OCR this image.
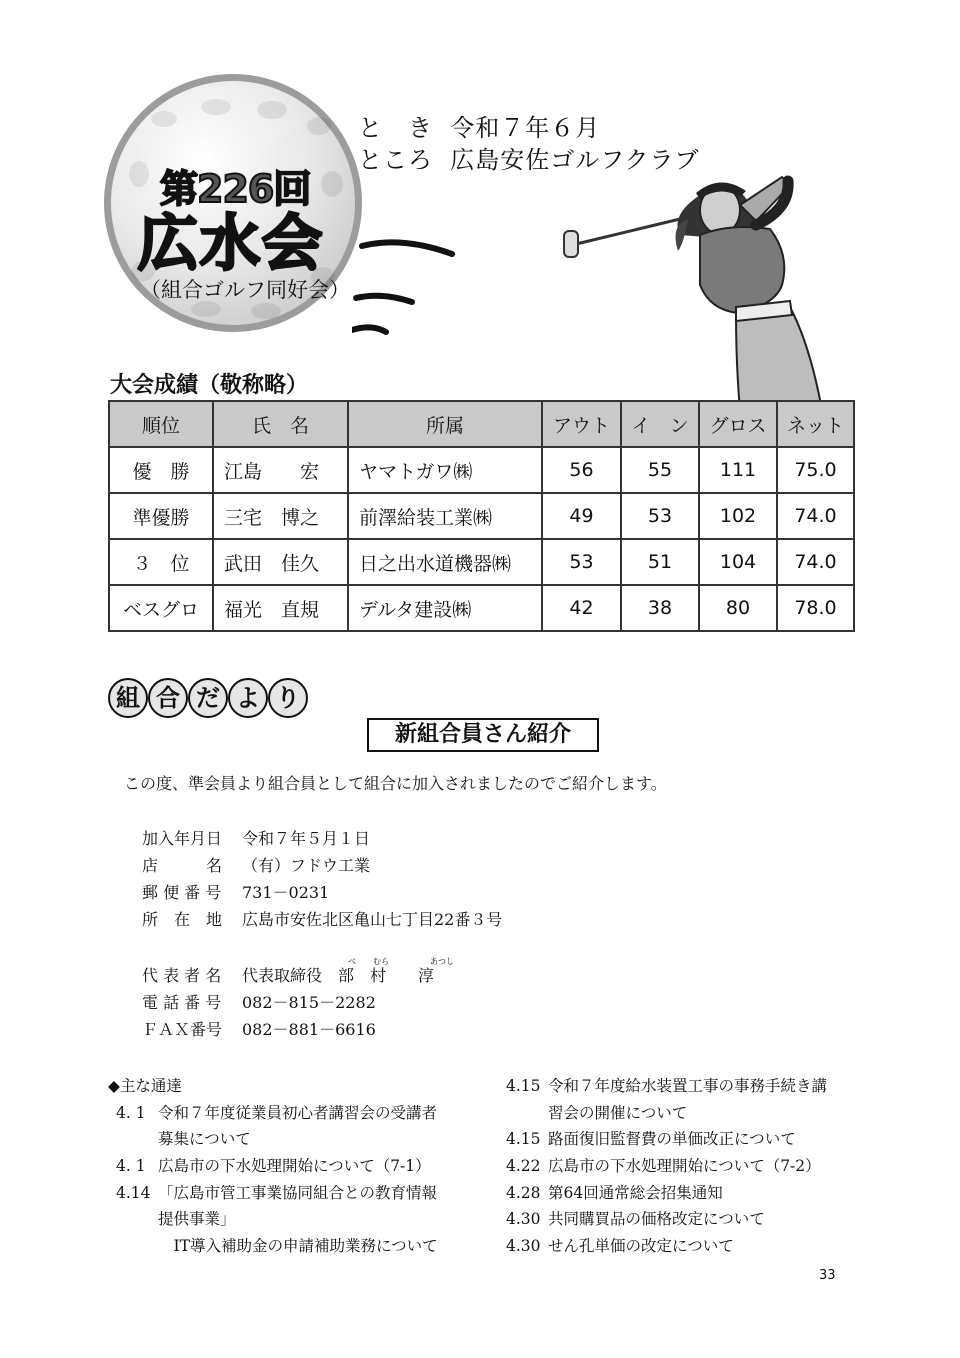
第226回
広水会
（組合ゴルフ同好会）
と　き 令和７年６月
ところ 広島安佐ゴルフクラブ
大会成績（敬称略）
順位	氏　名	所属	アウト	イ　ン	グロス	ネット
優　勝	江島　　宏	ヤマトガワ㈱	56	55	111	75.0
準優勝	三宅　博之	前澤給装工業㈱	49	53	102	74.0
３　位	武田　佳久	日之出水道機器㈱	53	51	104	74.0
ベスグロ	福光　直規	デルタ建設㈱	42	38	80	78.0
組 合 だ よ り
新組合員さん紹介
この度、準会員より組合員として組合に加入されましたのでご紹介します。
加入年月日 令和７年５月１日
店　　　名 （有）フドウ工業
郵 便 番 号 731－0231
所　在　地 広島市安佐北区亀山七丁目22番３号
べ むら	あつし
代 表 者 名 代表取締役　部　村　　淳
電 話 番 号 082－815－2282
ＦＡＸ番号 082－881－6616
◆主な通達
4. 1 令和７年度従業員初心者講習会の受講者
募集について
4. 1 広島市の下水処理開始について（7-1）
4.14 「広島市管工事業協同組合との教育情報
提供事業」
　IT導入補助金の申請補助業務について
4.15 令和７年度給水装置工事の事務手続き講
習会の開催について
4.15 路面復旧監督費の単価改正について
4.22 広島市の下水処理開始について（7-2）
4.28 第64回通常総会招集通知
4.30 共同購買品の価格改定について
4.30 せん孔単価の改定について
33
